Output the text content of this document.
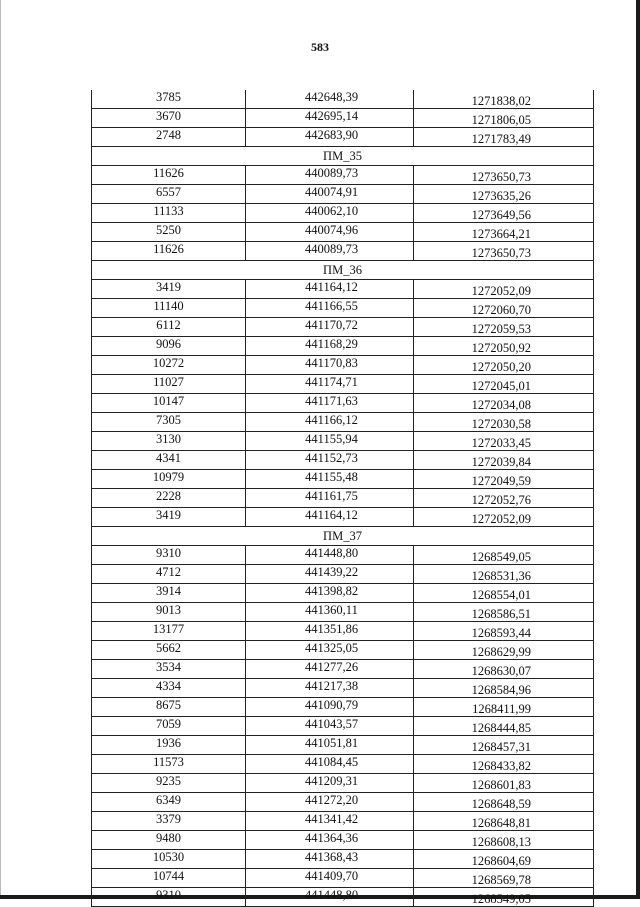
583
3785	442648,39	1271838,02
3670	442695,14	1271806,05
2748	442683,90	1271783,49
ПМ_35		
11626	440089,73	1273650,73
6557	440074,91	1273635,26
11133	440062,10	1273649,56
5250	440074,96	1273664,21
11626	440089,73	1273650,73
ПМ_36		
3419	441164,12	1272052,09
11140	441166,55	1272060,70
6112	441170,72	1272059,53
9096	441168,29	1272050,92
10272	441170,83	1272050,20
11027	441174,71	1272045,01
10147	441171,63	1272034,08
7305	441166,12	1272030,58
3130	441155,94	1272033,45
4341	441152,73	1272039,84
10979	441155,48	1272049,59
2228	441161,75	1272052,76
3419	441164,12	1272052,09
ПМ_37		
9310	441448,80	1268549,05
4712	441439,22	1268531,36
3914	441398,82	1268554,01
9013	441360,11	1268586,51
13177	441351,86	1268593,44
5662	441325,05	1268629,99
3534	441277,26	1268630,07
4334	441217,38	1268584,96
8675	441090,79	1268411,99
7059	441043,57	1268444,85
1936	441051,81	1268457,31
11573	441084,45	1268433,82
9235	441209,31	1268601,83
6349	441272,20	1268648,59
3379	441341,42	1268648,81
9480	441364,36	1268608,13
10530	441368,43	1268604,69
10744	441409,70	1268569,78
9310	441448,80	1268549,05
